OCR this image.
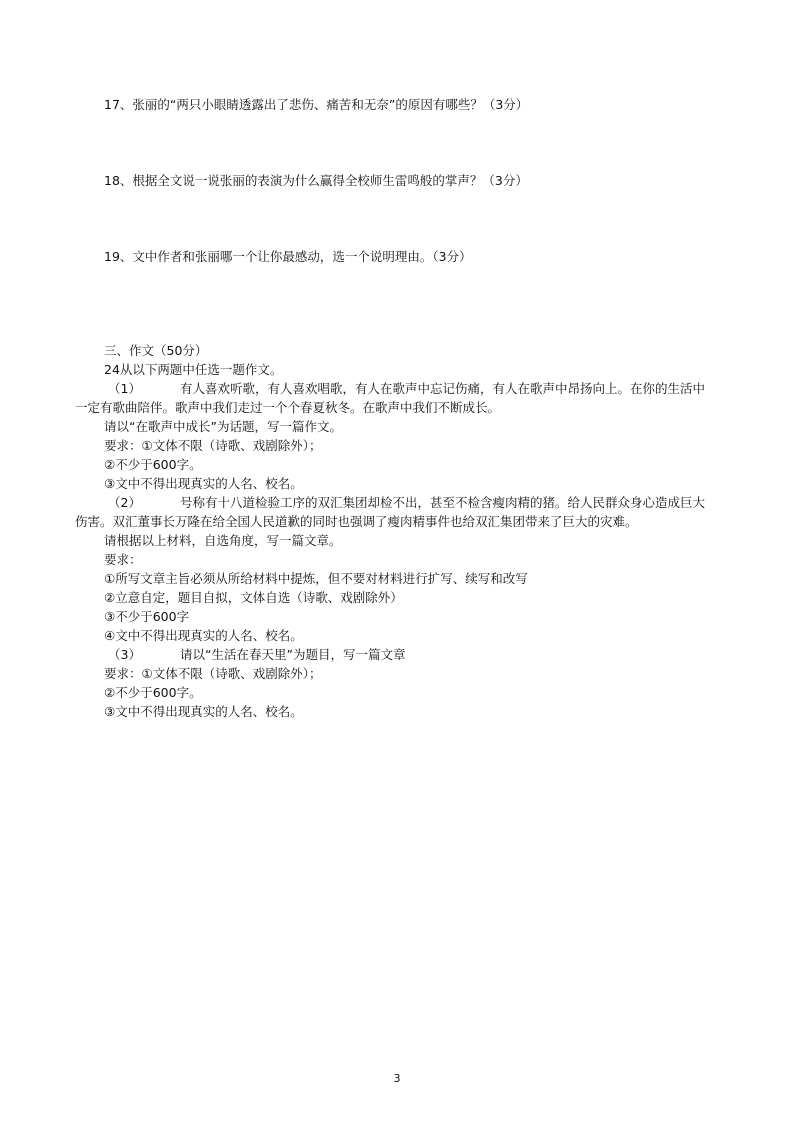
17、张丽的“两只小眼睛透露出了悲伤、痛苦和无奈”的原因有哪些？（3分）
18、根据全文说一说张丽的表演为什么赢得全校师生雷鸣般的掌声？（3分）
19、文中作者和张丽哪一个让你最感动，选一个说明理由。（3分）
三、作文（50分）
24从以下两题中任选一题作文。
（1）	有人喜欢听歌，有人喜欢唱歌，有人在歌声中忘记伤痛，有人在歌声中昂扬向上。在你的生活中
一定有歌曲陪伴。歌声中我们走过一个个春夏秋冬。在歌声中我们不断成长。
请以“在歌声中成长”为话题，写一篇作文。
要求：①文体不限（诗歌、戏剧除外）；
②不少于600字。
③文中不得出现真实的人名、校名。
（2）	号称有十八道检验工序的双汇集团却检不出，甚至不检含瘦肉精的猪。给人民群众身心造成巨大
伤害。双汇董事长万隆在给全国人民道歉的同时也强调了瘦肉精事件也给双汇集团带来了巨大的灾难。
请根据以上材料，自选角度，写一篇文章。
要求：
①所写文章主旨必须从所给材料中提炼，但不要对材料进行扩写、续写和改写
②立意自定，题目自拟，文体自选（诗歌、戏剧除外）
③不少于600字
④文中不得出现真实的人名、校名。
（3）	请以“生活在春天里”为题目，写一篇文章
要求：①文体不限（诗歌、戏剧除外）；
②不少于600字。
③文中不得出现真实的人名、校名。
3
